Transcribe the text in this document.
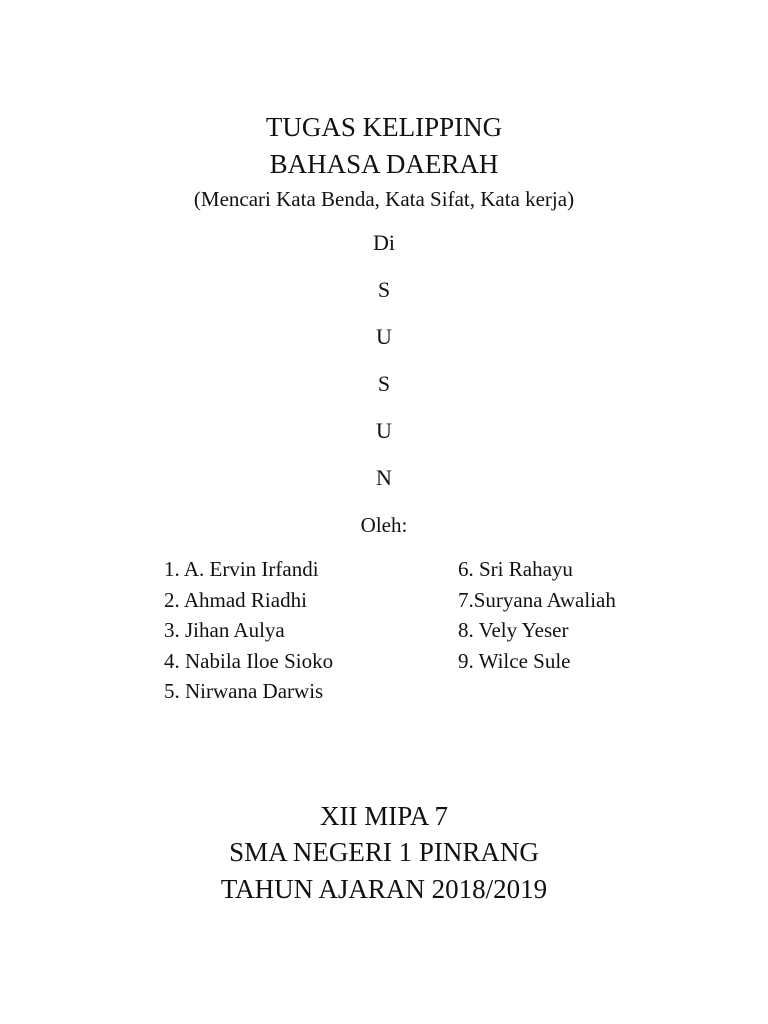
TUGAS KELIPPING
BAHASA DAERAH
(Mencari Kata Benda, Kata Sifat, Kata kerja)
Di
S
U
S
U
N
Oleh:
1. A. Ervin Irfandi
2. Ahmad Riadhi
3. Jihan Aulya
4. Nabila Iloe Sioko
5. Nirwana Darwis
6. Sri Rahayu
7.Suryana Awaliah
8. Vely Yeser
9. Wilce Sule
XII MIPA 7
SMA NEGERI 1 PINRANG
TAHUN AJARAN 2018/2019
